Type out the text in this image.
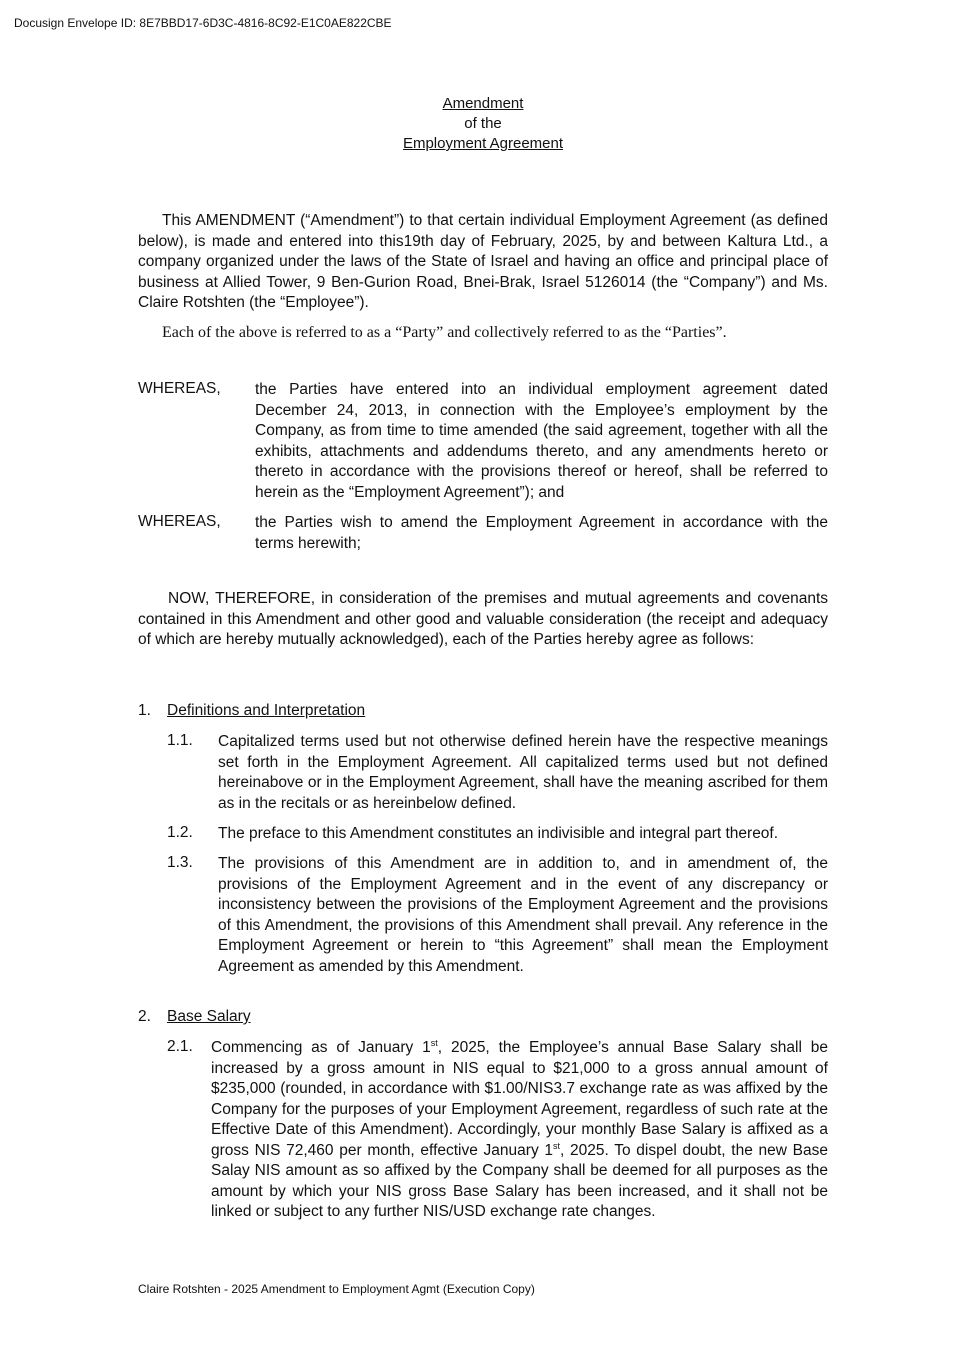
Docusign Envelope ID: 8E7BBD17-6D3C-4816-8C92-E1C0AE822CBE
Amendment
of the
Employment Agreement
This AMENDMENT (“Amendment”) to that certain individual Employment Agreement (as defined below), is made and entered into this19th day of February, 2025, by and between Kaltura Ltd., a company organized under the laws of the State of Israel and having an office and principal place of business at Allied Tower, 9 Ben-Gurion Road, Bnei-Brak, Israel 5126014 (the “Company”) and Ms. Claire Rotshten (the “Employee”).
Each of the above is referred to as a “Party” and collectively referred to as the “Parties”.
WHEREAS, the Parties have entered into an individual employment agreement dated December 24, 2013, in connection with the Employee’s employment by the Company, as from time to time amended (the said agreement, together with all the exhibits, attachments and addendums thereto, and any amendments hereto or thereto in accordance with the provisions thereof or hereof, shall be referred to herein as the “Employment Agreement”); and
WHEREAS, the Parties wish to amend the Employment Agreement in accordance with the terms herewith;
NOW, THEREFORE, in consideration of the premises and mutual agreements and covenants contained in this Amendment and other good and valuable consideration (the receipt and adequacy of which are hereby mutually acknowledged), each of the Parties hereby agree as follows:
1. Definitions and Interpretation
1.1. Capitalized terms used but not otherwise defined herein have the respective meanings set forth in the Employment Agreement. All capitalized terms used but not defined hereinabove or in the Employment Agreement, shall have the meaning ascribed for them as in the recitals or as hereinbelow defined.
1.2. The preface to this Amendment constitutes an indivisible and integral part thereof.
1.3. The provisions of this Amendment are in addition to, and in amendment of, the provisions of the Employment Agreement and in the event of any discrepancy or inconsistency between the provisions of the Employment Agreement and the provisions of this Amendment, the provisions of this Amendment shall prevail. Any reference in the Employment Agreement or herein to “this Agreement” shall mean the Employment Agreement as amended by this Amendment.
2. Base Salary
2.1. Commencing as of January 1st, 2025, the Employee’s annual Base Salary shall be increased by a gross amount in NIS equal to $21,000 to a gross annual amount of $235,000 (rounded, in accordance with $1.00/NIS3.7 exchange rate as was affixed by the Company for the purposes of your Employment Agreement, regardless of such rate at the Effective Date of this Amendment). Accordingly, your monthly Base Salary is affixed as a gross NIS 72,460 per month, effective January 1st, 2025. To dispel doubt, the new Base Salay NIS amount as so affixed by the Company shall be deemed for all purposes as the amount by which your NIS gross Base Salary has been increased, and it shall not be linked or subject to any further NIS/USD exchange rate changes.
Claire Rotshten - 2025 Amendment to Employment Agmt (Execution Copy)
